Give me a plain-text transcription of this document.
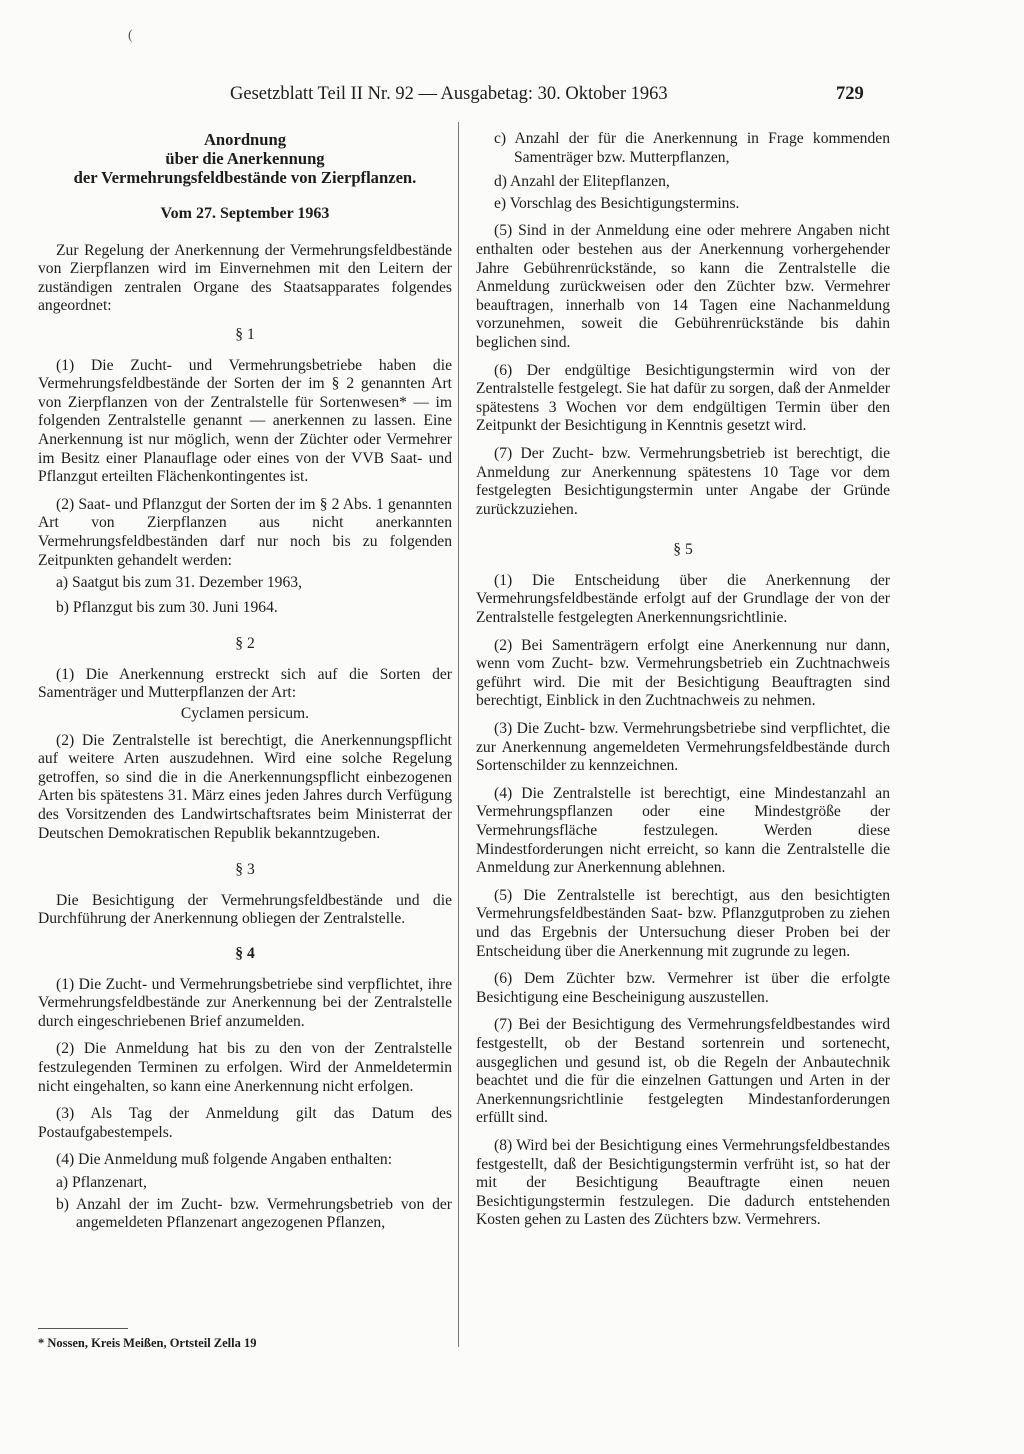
(
Gesetzblatt Teil II Nr. 92 — Ausgabetag: 30. Oktober 1963	729
Anordnung
über die Anerkennung
der Vermehrungsfeldbestände von Zierpflanzen.
Vom 27. September 1963

Zur Regelung der Anerkennung der Vermehrungsfeldbestände von Zierpflanzen wird im Einvernehmen mit den Leitern der zuständigen zentralen Organe des Staatsapparates folgendes angeordnet:

§ 1

(1) Die Zucht- und Vermehrungsbetriebe haben die Vermehrungsfeldbestände der Sorten der im § 2 genannten Art von Zierpflanzen von der Zentralstelle für Sortenwesen* — im folgenden Zentralstelle genannt — anerkennen zu lassen. Eine Anerkennung ist nur möglich, wenn der Züchter oder Vermehrer im Besitz einer Planauflage oder eines von der VVB Saat- und Pflanzgut erteilten Flächenkontingentes ist.

(2) Saat- und Pflanzgut der Sorten der im § 2 Abs. 1 genannten Art von Zierpflanzen aus nicht anerkannten Vermehrungsfeldbeständen darf nur noch bis zu folgenden Zeitpunkten gehandelt werden:

a) Saatgut bis zum 31. Dezember 1963,
b) Pflanzgut bis zum 30. Juni 1964.
§ 2

(1) Die Anerkennung erstreckt sich auf die Sorten der Samenträger und Mutterpflanzen der Art:

Cyclamen persicum.

(2) Die Zentralstelle ist berechtigt, die Anerkennungspflicht auf weitere Arten auszudehnen. Wird eine solche Regelung getroffen, so sind die in die Anerkennungspflicht einbezogenen Arten bis spätestens 31. März eines jeden Jahres durch Verfügung des Vorsitzenden des Landwirtschaftsrates beim Ministerrat der Deutschen Demokratischen Republik bekanntzugeben.

§ 3

Die Besichtigung der Vermehrungsfeldbestände und die Durchführung der Anerkennung obliegen der Zentralstelle.

§ 4

(1) Die Zucht- und Vermehrungsbetriebe sind verpflichtet, ihre Vermehrungsfeldbestände zur Anerkennung bei der Zentralstelle durch eingeschriebenen Brief anzumelden.

(2) Die Anmeldung hat bis zu den von der Zentralstelle festzulegenden Terminen zu erfolgen. Wird der Anmeldetermin nicht eingehalten, so kann eine Anerkennung nicht erfolgen.

(3) Als Tag der Anmeldung gilt das Datum des Postaufgabestempels.

(4) Die Anmeldung muß folgende Angaben enthalten:

a) Pflanzenart,
b) Anzahl der im Zucht- bzw. Vermehrungsbetrieb von der angemeldeten Pflanzenart angezogenen Pflanzen,
* Nossen, Kreis Meißen, Ortsteil Zella 19
c) Anzahl der für die Anerkennung in Frage kommenden Samenträger bzw. Mutterpflanzen,
d) Anzahl der Elitepflanzen,
e) Vorschlag des Besichtigungstermins.

(5) Sind in der Anmeldung eine oder mehrere Angaben nicht enthalten oder bestehen aus der Anerkennung vorhergehender Jahre Gebührenrückstände, so kann die Zentralstelle die Anmeldung zurückweisen oder den Züchter bzw. Vermehrer beauftragen, innerhalb von 14 Tagen eine Nachanmeldung vorzunehmen, soweit die Gebührenrückstände bis dahin beglichen sind.

(6) Der endgültige Besichtigungstermin wird von der Zentralstelle festgelegt. Sie hat dafür zu sorgen, daß der Anmelder spätestens 3 Wochen vor dem endgültigen Termin über den Zeitpunkt der Besichtigung in Kenntnis gesetzt wird.

(7) Der Zucht- bzw. Vermehrungsbetrieb ist berechtigt, die Anmeldung zur Anerkennung spätestens 10 Tage vor dem festgelegten Besichtigungstermin unter Angabe der Gründe zurückzuziehen.

§ 5

(1) Die Entscheidung über die Anerkennung der Vermehrungsfeldbestände erfolgt auf der Grundlage der von der Zentralstelle festgelegten Anerkennungsrichtlinie.

(2) Bei Samenträgern erfolgt eine Anerkennung nur dann, wenn vom Zucht- bzw. Vermehrungsbetrieb ein Zuchtnachweis geführt wird. Die mit der Besichtigung Beauftragten sind berechtigt, Einblick in den Zuchtnachweis zu nehmen.

(3) Die Zucht- bzw. Vermehrungsbetriebe sind verpflichtet, die zur Anerkennung angemeldeten Vermehrungsfeldbestände durch Sortenschilder zu kennzeichnen.

(4) Die Zentralstelle ist berechtigt, eine Mindestanzahl an Vermehrungspflanzen oder eine Mindestgröße der Vermehrungsfläche festzulegen. Werden diese Mindestforderungen nicht erreicht, so kann die Zentralstelle die Anmeldung zur Anerkennung ablehnen.

(5) Die Zentralstelle ist berechtigt, aus den besichtigten Vermehrungsfeldbeständen Saat- bzw. Pflanzgutproben zu ziehen und das Ergebnis der Untersuchung dieser Proben bei der Entscheidung über die Anerkennung mit zugrunde zu legen.

(6) Dem Züchter bzw. Vermehrer ist über die erfolgte Besichtigung eine Bescheinigung auszustellen.

(7) Bei der Besichtigung des Vermehrungsfeldbestandes wird festgestellt, ob der Bestand sortenrein und sortenecht, ausgeglichen und gesund ist, ob die Regeln der Anbautechnik beachtet und die für die einzelnen Gattungen und Arten in der Anerkennungsrichtlinie festgelegten Mindestanforderungen erfüllt sind.

(8) Wird bei der Besichtigung eines Vermehrungsfeldbestandes festgestellt, daß der Besichtigungstermin verfrüht ist, so hat der mit der Besichtigung Beauftragte einen neuen Besichtigungstermin festzulegen. Die dadurch entstehenden Kosten gehen zu Lasten des Züchters bzw. Vermehrers.
